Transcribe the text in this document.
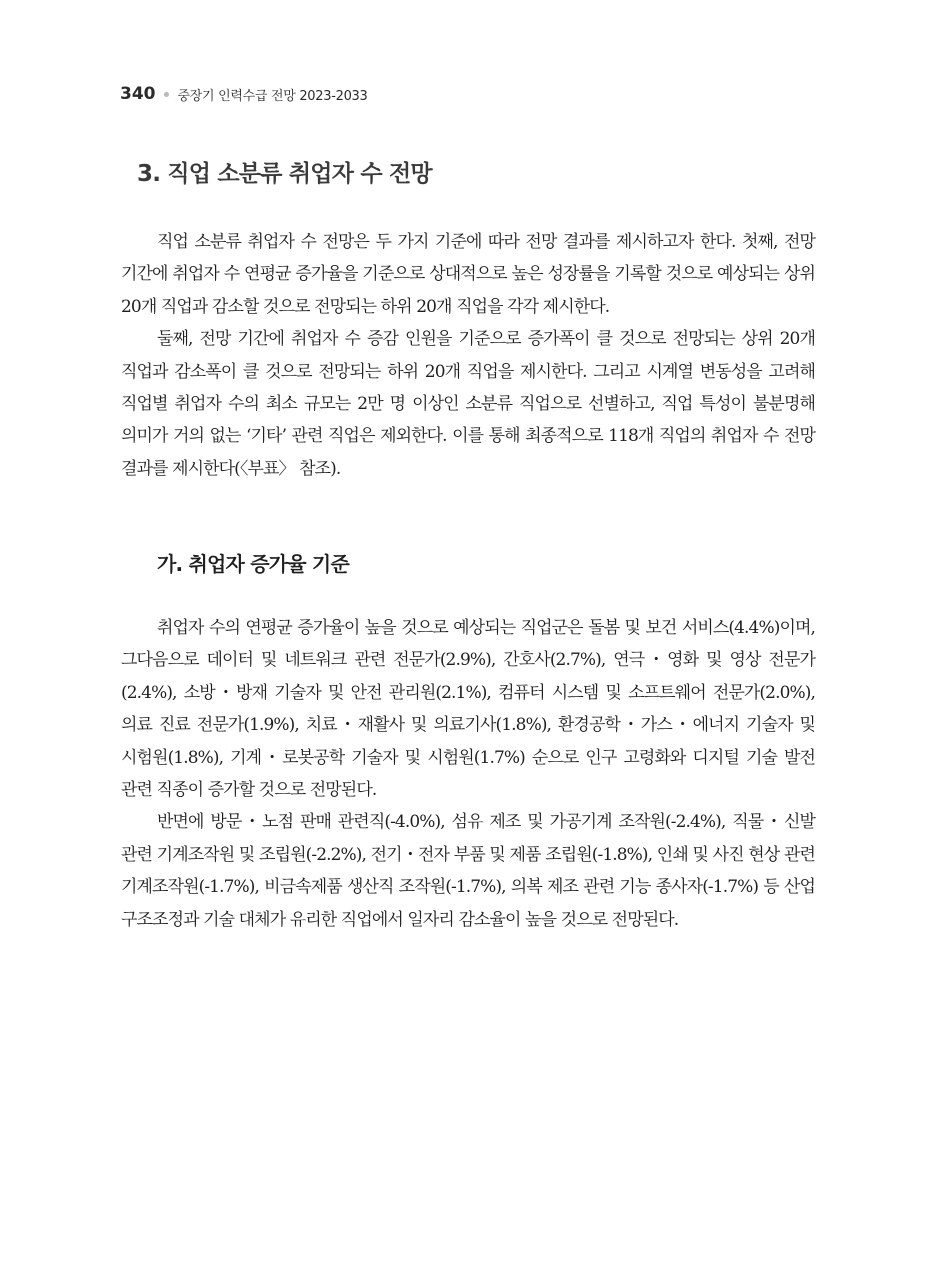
340 중장기 인력수급 전망 2023-2033
3. 직업 소분류 취업자 수 전망

직업 소분류 취업자 수 전망은 두 가지 기준에 따라 전망 결과를 제시하고자 한다. 첫째, 전망 기간에 취업자 수 연평균 증가율을 기준으로 상대적으로 높은 성장률을 기록할 것으로 예상되는 상위 20개 직업과 감소할 것으로 전망되는 하위 20개 직업을 각각 제시한다.

둘째, 전망 기간에 취업자 수 증감 인원을 기준으로 증가폭이 클 것으로 전망되는 상위 20개 직업과 감소폭이 클 것으로 전망되는 하위 20개 직업을 제시한다. 그리고 시계열 변동성을 고려해 직업별 취업자 수의 최소 규모는 2만 명 이상인 소분류 직업으로 선별하고, 직업 특성이 불분명해 의미가 거의 없는 ‘기타’ 관련 직업은 제외한다. 이를 통해 최종적으로 118개 직업의 취업자 수 전망 결과를 제시한다(〈부표〉 참조).

가. 취업자 증가율 기준

취업자 수의 연평균 증가율이 높을 것으로 예상되는 직업군은 돌봄 및 보건 서비스(4.4%)이며, 그다음으로 데이터 및 네트워크 관련 전문가(2.9%), 간호사(2.7%), 연극・영화 및 영상 전문가(2.4%), 소방・방재 기술자 및 안전 관리원(2.1%), 컴퓨터 시스템 및 소프트웨어 전문가(2.0%), 의료 진료 전문가(1.9%), 치료・재활사 및 의료기사(1.8%), 환경공학・가스・에너지 기술자 및 시험원(1.8%), 기계・로봇공학 기술자 및 시험원(1.7%) 순으로 인구 고령화와 디지털 기술 발전 관련 직종이 증가할 것으로 전망된다.

반면에 방문・노점 판매 관련직(-4.0%), 섬유 제조 및 가공기계 조작원(-2.4%), 직물・신발 관련 기계조작원 및 조립원(-2.2%), 전기・전자 부품 및 제품 조립원(-1.8%), 인쇄 및 사진 현상 관련 기계조작원(-1.7%), 비금속제품 생산직 조작원(-1.7%), 의복 제조 관련 기능 종사자(-1.7%) 등 산업 구조조정과 기술 대체가 유리한 직업에서 일자리 감소율이 높을 것으로 전망된다.
